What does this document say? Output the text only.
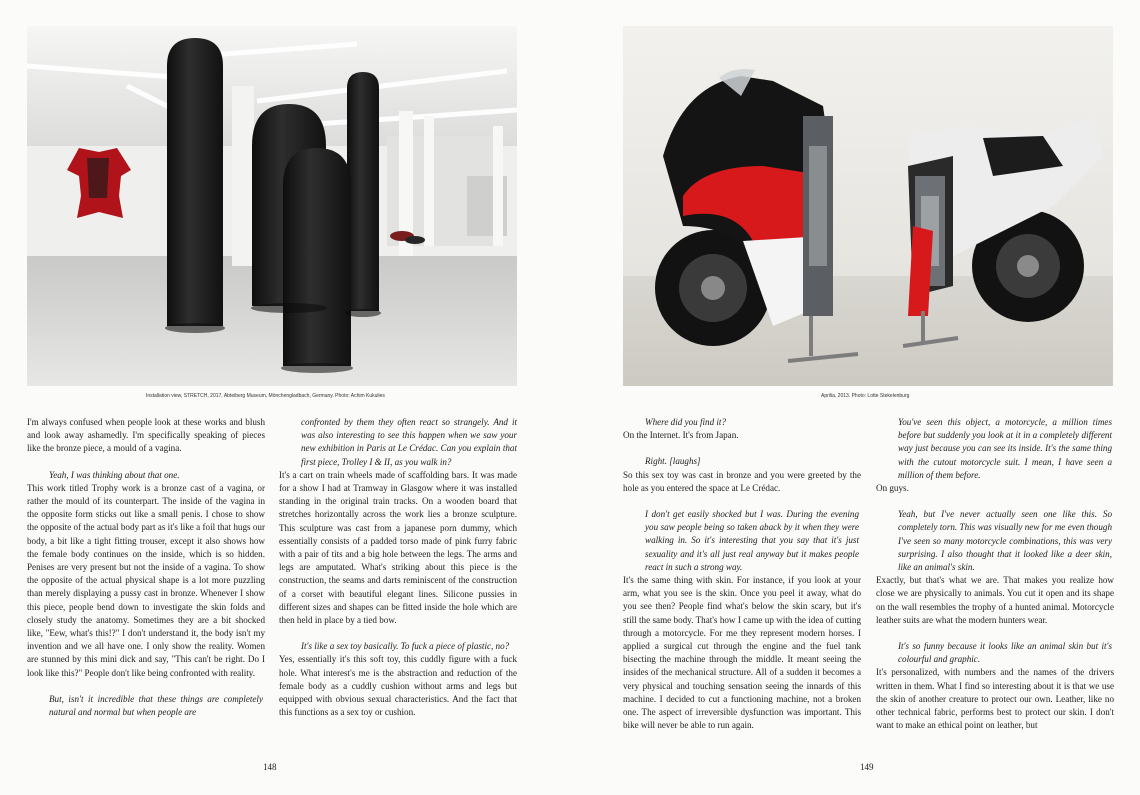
Installation view, STRETCH, 2017, Abteiberg Museum, Mönchengladbach, Germany. Photo: Achim Kukulies

I'm always confused when people look at these works and blush and look away ashamedly. I'm specifically speaking of pieces like the bronze piece, a mould of a vagina.

Yeah, I was thinking about that one.

This work titled Trophy work is a bronze cast of a vagina, or rather the mould of its counterpart. The inside of the vagina in the opposite form sticks out like a small penis. I chose to show the opposite of the actual body part as it's like a foil that hugs our body, a bit like a tight fitting trouser, except it also shows how the female body continues on the inside, which is so hidden. Penises are very present but not the inside of a vagina. To show the opposite of the actual physical shape is a lot more puzzling than merely displaying a pussy cast in bronze. Whenever I show this piece, people bend down to investigate the skin folds and closely study the anatomy. Sometimes they are a bit shocked like, "Eew, what's this!?" I don't understand it, the body isn't my invention and we all have one. I only show the reality. Women are stunned by this mini dick and say, "This can't be right. Do I look like this?" People don't like being confronted with reality.

But, isn't it incredible that these things are completely natural and normal but when people are

confronted by them they often react so strangely. And it was also interesting to see this happen when we saw your new exhibition in Paris at Le Crédac. Can you explain that first piece, Trolley I & II, as you walk in?

It's a cart on train wheels made of scaffolding bars. It was made for a show I had at Tramway in Glasgow where it was installed standing in the original train tracks. On a wooden board that stretches horizontally across the work lies a bronze sculpture. This sculpture was cast from a japanese porn dummy, which essentially consists of a padded torso made of pink furry fabric with a pair of tits and a big hole between the legs. The arms and legs are amputated. What's striking about this piece is the construction, the seams and darts reminiscent of the construction of a corset with beautiful elegant lines. Silicone pussies in different sizes and shapes can be fitted inside the hole which are then held in place by a tied bow.

It's like a sex toy basically. To fuck a piece of plastic, no?

Yes, essentially it's this soft toy, this cuddly figure with a fuck hole. What interest's me is the abstraction and reduction of the female body as a cuddly cushion without arms and legs but equipped with obvious sexual characteristics. And the fact that this functions as a sex toy or cushion.

148
Aprilia, 2013. Photo: Lotte Stekelenburg

Where did you find it?

On the Internet. It's from Japan.

Right. [laughs]

So this sex toy was cast in bronze and you were greeted by the hole as you entered the space at Le Crédac.

I don't get easily shocked but I was. During the evening you saw people being so taken aback by it when they were walking in. So it's interesting that you say that it's just sexuality and it's all just real anyway but it makes people react in such a strong way.

It's the same thing with skin. For instance, if you look at your arm, what you see is the skin. Once you peel it away, what do you see then? People find what's below the skin scary, but it's still the same body. That's how I came up with the idea of cutting through a motorcycle. For me they represent modern horses. I applied a surgical cut through the engine and the fuel tank bisecting the machine through the middle. It meant seeing the insides of the mechanical structure. All of a sudden it becomes a very physical and touching sensation seeing the innards of this machine. I decided to cut a functioning machine, not a broken one. The aspect of irreversible dysfunction was important. This bike will never be able to run again.

You've seen this object, a motorcycle, a million times before but suddenly you look at it in a completely different way just because you can see its inside. It's the same thing with the cutout motorcycle suit. I mean, I have seen a million of them before.

On guys.

Yeah, but I've never actually seen one like this. So completely torn. This was visually new for me even though I've seen so many motorcycle combinations, this was very surprising. I also thought that it looked like a deer skin, like an animal's skin.

Exactly, but that's what we are. That makes you realize how close we are physically to animals. You cut it open and its shape on the wall resembles the trophy of a hunted animal. Motorcycle leather suits are what the modern hunters wear.

It's so funny because it looks like an animal skin but it's colourful and graphic.

It's personalized, with numbers and the names of the drivers written in them. What I find so interesting about it is that we use the skin of another creature to protect our own. Leather, like no other technical fabric, performs best to protect our skin. I don't want to make an ethical point on leather, but

149
